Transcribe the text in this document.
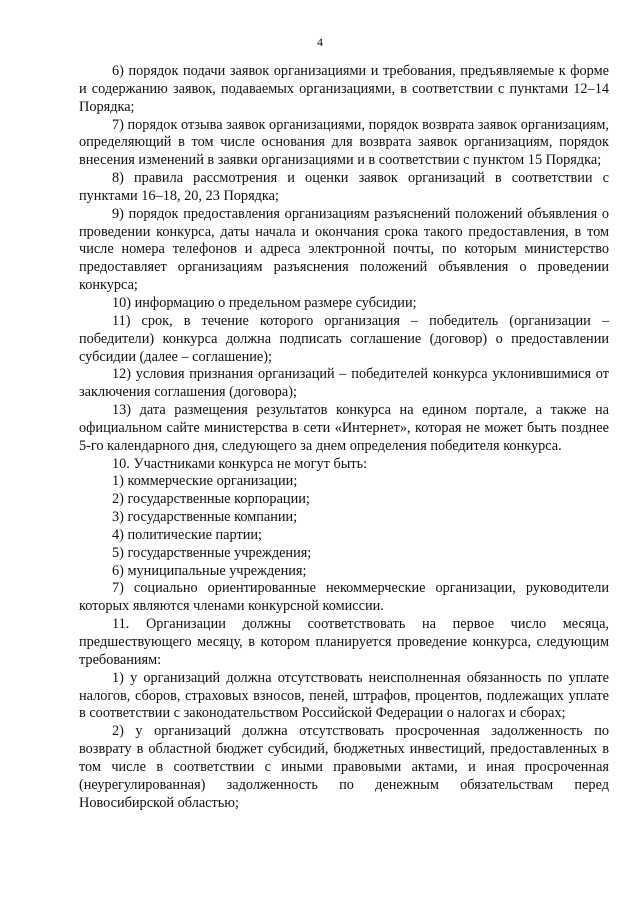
4

6) порядок подачи заявок организациями и требования, предъявляемые к форме и содержанию заявок, подаваемых организациями, в соответствии с пунктами 12–14 Порядка;

7) порядок отзыва заявок организациями, порядок возврата заявок организациям, определяющий в том числе основания для возврата заявок организациям, порядок внесения изменений в заявки организациями и в соответствии с пунктом 15 Порядка;

8) правила рассмотрения и оценки заявок организаций в соответствии с пунктами 16–18, 20, 23 Порядка;

9) порядок предоставления организациям разъяснений положений объявления о проведении конкурса, даты начала и окончания срока такого предоставления, в том числе номера телефонов и адреса электронной почты, по которым министерство предоставляет организациям разъяснения положений объявления о проведении конкурса;

10) информацию о предельном размере субсидии;

11) срок, в течение которого организация – победитель (организации – победители) конкурса должна подписать соглашение (договор) о предоставлении субсидии (далее – соглашение);

12) условия признания организаций – победителей конкурса уклонившимися от заключения соглашения (договора);

13) дата размещения результатов конкурса на едином портале, а также на официальном сайте министерства в сети «Интернет», которая не может быть позднее 5-го календарного дня, следующего за днем определения победителя конкурса.

10. Участниками конкурса не могут быть:

1) коммерческие организации;

2) государственные корпорации;

3) государственные компании;

4) политические партии;

5) государственные учреждения;

6) муниципальные учреждения;

7) социально ориентированные некоммерческие организации, руководители которых являются членами конкурсной комиссии.

11. Организации должны соответствовать на первое число месяца, предшествующего месяцу, в котором планируется проведение конкурса, следующим требованиям:

1) у организаций должна отсутствовать неисполненная обязанность по уплате налогов, сборов, страховых взносов, пеней, штрафов, процентов, подлежащих уплате в соответствии с законодательством Российской Федерации о налогах и сборах;

2) у организаций должна отсутствовать просроченная задолженность по возврату в областной бюджет субсидий, бюджетных инвестиций, предоставленных в том числе в соответствии с иными правовыми актами, и иная просроченная (неурегулированная) задолженность по денежным обязательствам перед Новосибирской областью;
